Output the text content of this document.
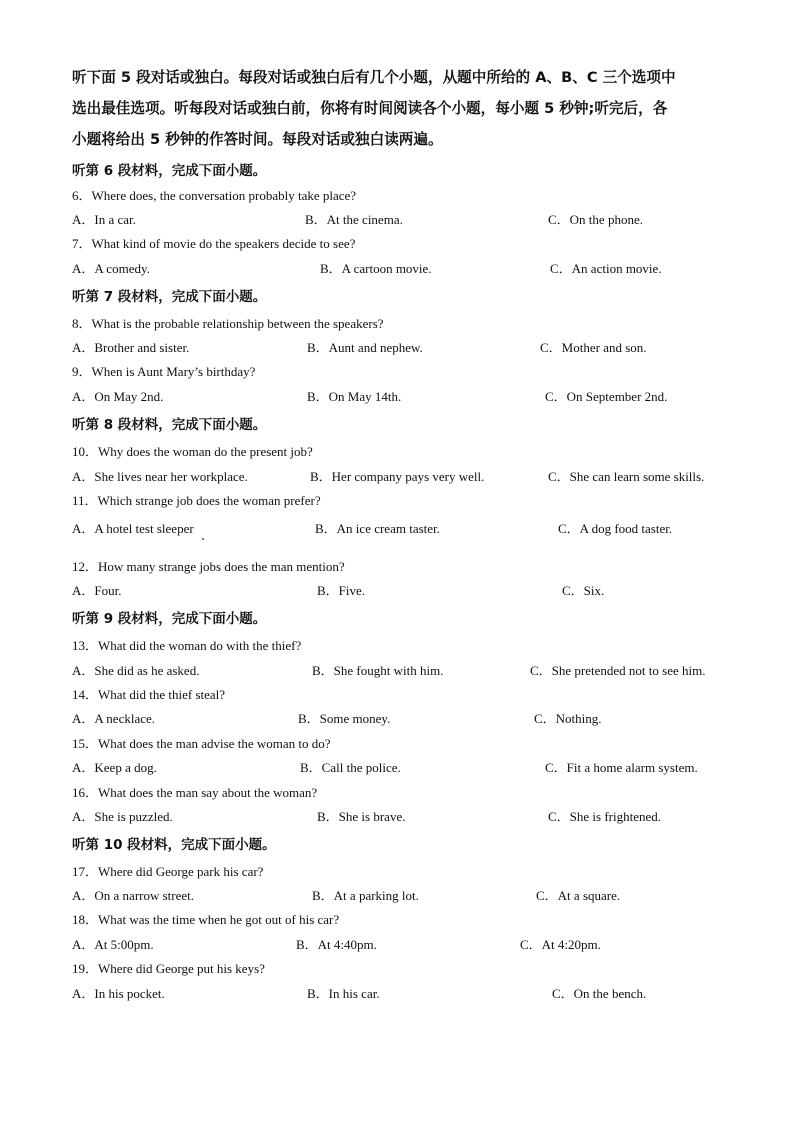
听下面 5 段对话或独白。每段对话或独白后有几个小题，从题中所给的 A、B、C 三个选项中
选出最佳选项。听每段对话或独白前，你将有时间阅读各个小题，每小题 5 秒钟;听完后，各
小题将给出 5 秒钟的作答时间。每段对话或独白读两遍。
听第 6 段材料，完成下面小题。
6．Where does, the conversation probably take place?
A．In a car.	B．At the cinema.	C．On the phone.
7．What kind of movie do the speakers decide to see?
A．A comedy.	B．A cartoon movie.	C．An action movie.
听第 7 段材料，完成下面小题。
8．What is the probable relationship between the speakers?
A．Brother and sister.	B．Aunt and nephew.	C．Mother and son.
9．When is Aunt Mary’s birthday?
A．On May 2nd.	B．On May 14th.	C．On September 2nd.
听第 8 段材料，完成下面小题。
10．Why does the woman do the present job?
A．She lives near her workplace.	B．Her company pays very well.	C．She can learn some skills.
11．Which strange job does the woman prefer?
A．A hotel test sleeper	B．An ice cream taster.	C．A dog food taster.
12．How many strange jobs does the man mention?
A．Four.	B．Five.	C．Six.
听第 9 段材料，完成下面小题。
13．What did the woman do with the thief?
A．She did as he asked.	B．She fought with him.	C．She pretended not to see him.
14．What did the thief steal?
A．A necklace.	B．Some money.	C．Nothing.
15．What does the man advise the woman to do?
A．Keep a dog.	B．Call the police.	C．Fit a home alarm system.
16．What does the man say about the woman?
A．She is puzzled.	B．She is brave.	C．She is frightened.
听第 10 段材料，完成下面小题。
17．Where did George park his car?
A．On a narrow street.	B．At a parking lot.	C．At a square.
18．What was the time when he got out of his car?
A．At 5:00pm.	B．At 4:40pm.	C．At 4:20pm.
19．Where did George put his keys?
A．In his pocket.	B．In his car.	C．On the bench.
